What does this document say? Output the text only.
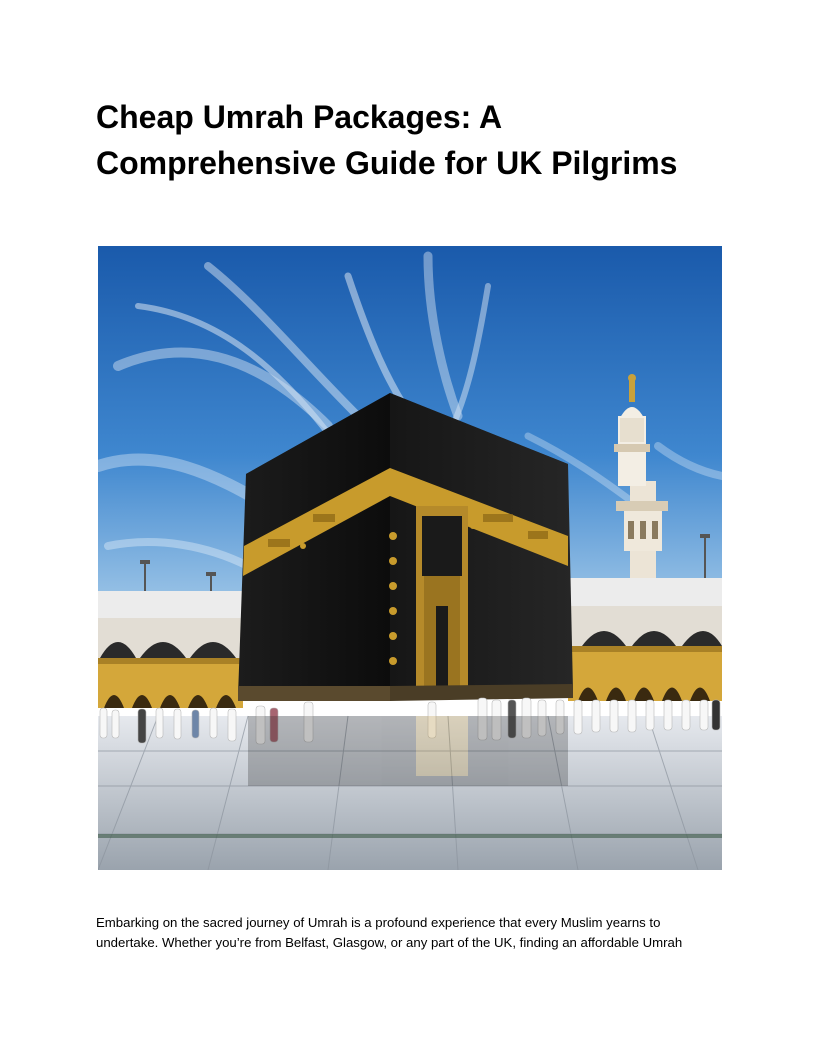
Cheap Umrah Packages: A Comprehensive Guide for UK Pilgrims

Embarking on the sacred journey of Umrah is a profound experience that every Muslim yearns to undertake. Whether you’re from Belfast, Glasgow, or any part of the UK, finding an affordable Umrah
